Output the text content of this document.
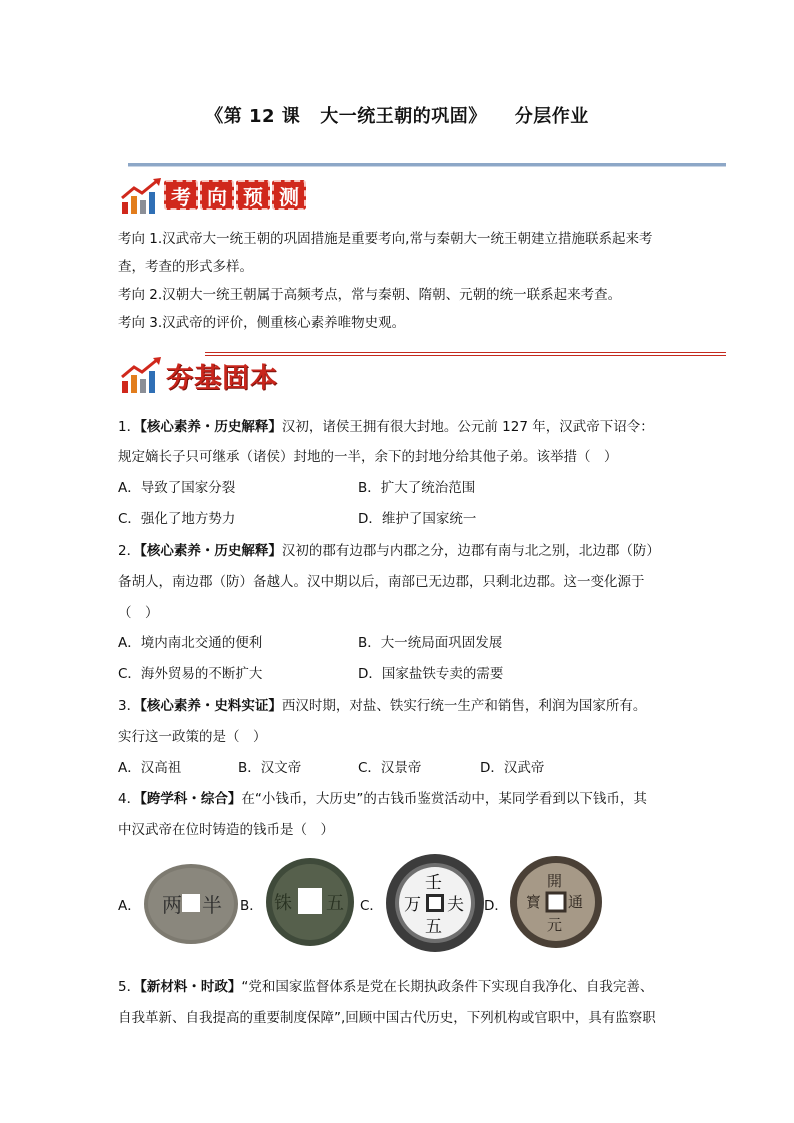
《第 12 课 大一统王朝的巩固》 分层作业
考 向 预 测
考向 1.汉武帝大一统王朝的巩固措施是重要考向,常与秦朝大一统王朝建立措施联系起来考
查，考查的形式多样。
考向 2.汉朝大一统王朝属于高频考点，常与秦朝、隋朝、元朝的统一联系起来考查。
考向 3.汉武帝的评价，侧重核心素养唯物史观。
夯基固本
1．【核心素养・历史解释】汉初，诸侯王拥有很大封地。公元前 127 年，汉武帝下诏令：
规定嫡长子只可继承（诸侯）封地的一半，余下的封地分给其他子弟。该举措（　）
A．导致了国家分裂	B．扩大了统治范围
C．强化了地方势力	D．维护了国家统一
2．【核心素养・历史解释】汉初的郡有边郡与内郡之分，边郡有南与北之别，北边郡（防）
备胡人，南边郡（防）备越人。汉中期以后，南部已无边郡，只剩北边郡。这一变化源于
（　）
A．境内南北交通的便利	B．大一统局面巩固发展
C．海外贸易的不断扩大	D．国家盐铁专卖的需要
3．【核心素养・史料实证】西汉时期，对盐、铁实行统一生产和销售，利润为国家所有。
实行这一政策的是（　）
A．汉高祖	B．汉文帝	C．汉景帝	D．汉武帝
4．【跨学科・综合】在“小钱币，大历史”的古钱币鉴赏活动中，某同学看到以下钱币，其
中汉武帝在位时铸造的钱币是（　）
A． 两 半 B． 铢 五 C．
壬
夫
万
五
D．
開
通
寳
元
5．【新材料・时政】“党和国家监督体系是党在长期执政条件下实现自我净化、自我完善、
自我革新、自我提高的重要制度保障”,回顾中国古代历史，下列机构或官职中，具有监察职
